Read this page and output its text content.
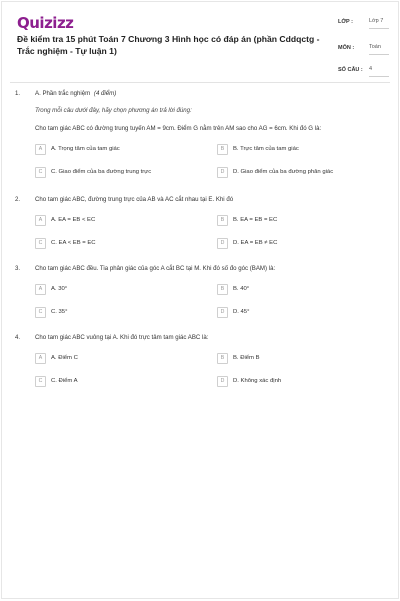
Quizizz
Đề kiểm tra 15 phút Toán 7 Chương 3 Hình học có đáp án (phần Cddqctg - Trắc nghiệm - Tự luận 1)
LỚP :	Lớp 7
MÔN :	Toán
SỐ CÂU : 4
1. A. Phần trắc nghiệm (4 điểm)
Trong mỗi câu dưới đây, hãy chọn phương án trả lời đúng:
Cho tam giác ABC có đường trung tuyến AM = 9cm. Điểm G nằm trên AM sao cho AG = 6cm. Khi đó G là:
A	A. Trọng tâm của tam giác	B	B. Trực tâm của tam giác
C	C. Giao điểm của ba đường trung trực	D	D. Giao điểm của ba đường phân giác
2. Cho tam giác ABC, đường trung trực của AB và AC cắt nhau tại E. Khi đó
A	A. EA = EB < EC	B	B. EA = EB = EC
C	C. EA < EB = EC	D	D. EA = EB ≠ EC
3. Cho tam giác ABC đều. Tia phân giác của góc A cắt BC tại M. Khi đó số đo góc (BAM) là:
A	A. 30°	B	B. 40°
C	C. 35°	D	D. 45°
4. Cho tam giác ABC vuông tại A. Khi đó trực tâm tam giác ABC là:
A	A. Điểm C	B	B. Điểm B
C	C. Điểm A	D	D. Không xác định
